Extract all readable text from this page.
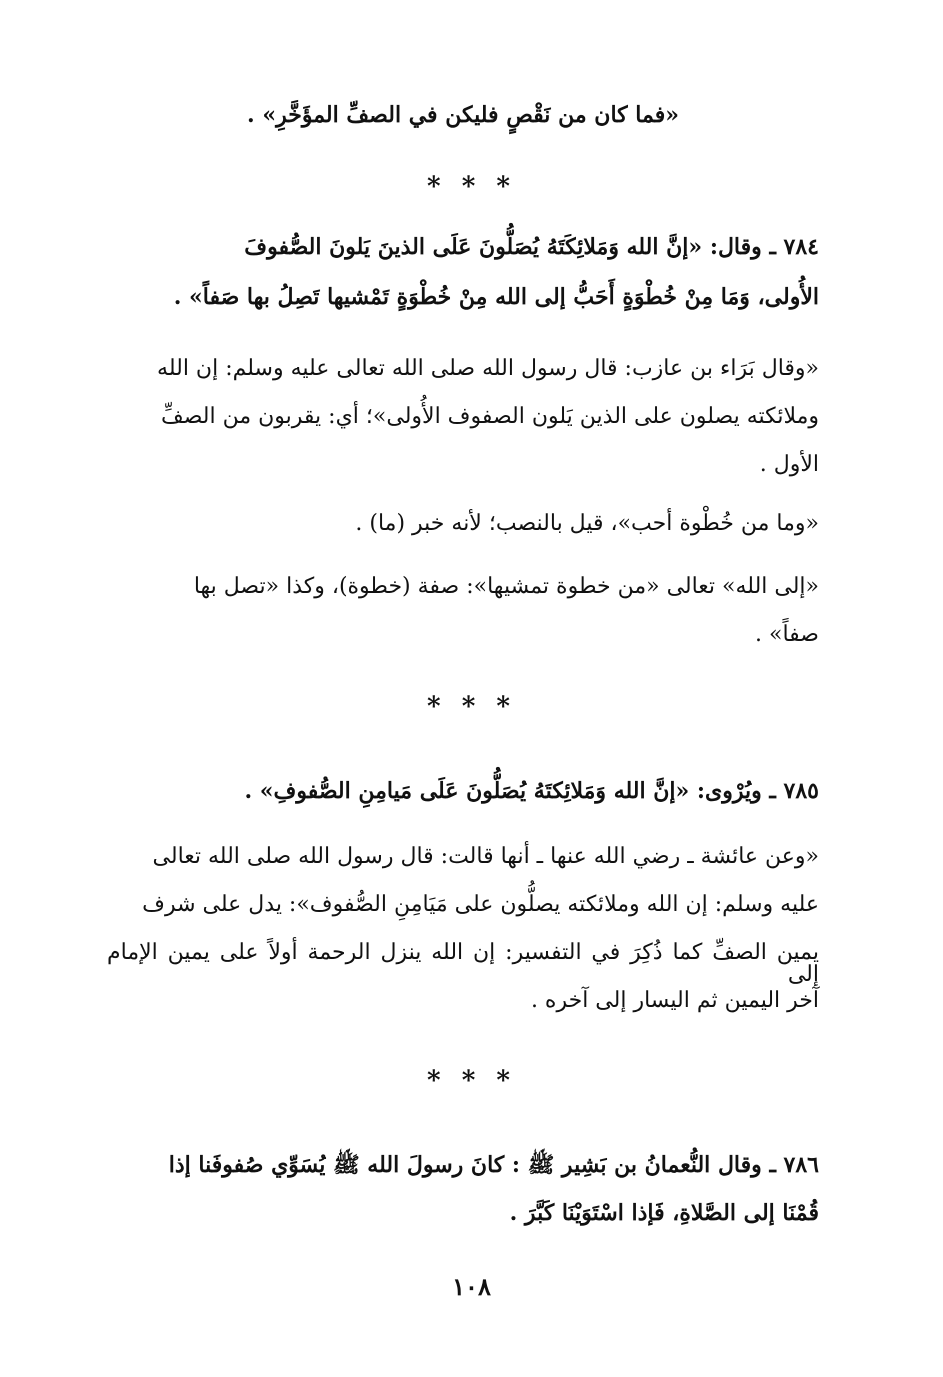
«فما كان من نَقْصٍ فليكن في الصفِّ المؤَخَّرِ» .
* * *
٧٨٤ ـ وقال: «إنَّ الله وَمَلائِكَتَهُ يُصَلُّونَ عَلَى الذينَ يَلونَ الصُّفوفَ
الأُولى، وَمَا مِنْ خُطْوَةٍ أَحَبُّ إلى الله مِنْ خُطْوَةٍ تَمْشيها تَصِلُ بها صَفاً» .
«وقال بَرَاء بن عازب: قال رسول الله صلى الله تعالى عليه وسلم: إن الله
وملائكته يصلون على الذين يَلون الصفوف الأُولى»؛ أي: يقربون من الصفِّ
الأول .
«وما من خُطْوة أحب»، قيل بالنصب؛ لأنه خبر (ما) .
«إلى الله» تعالى «من خطوة تمشيها»: صفة (خطوة)، وكذا «تصل بها
صفاً» .
* * *
٧٨٥ ـ ويُرْوى: «إنَّ الله وَمَلائِكتَهُ يُصَلُّونَ عَلَى مَيامِنِ الصُّفوفِ» .
«وعن عائشة ـ رضي الله عنها ـ أنها قالت: قال رسول الله صلى الله تعالى
عليه وسلم: إن الله وملائكته يصلُّون على مَيَامِنِ الصُّفوف»: يدل على شرف
يمين الصفِّ كما ذُكِرَ في التفسير: إن الله ينزل الرحمة أولاً على يمين الإمام إلى
آخر اليمين ثم اليسار إلى آخره .
* * *
٧٨٦ ـ وقال النُّعمانُ بن بَشِير ﷺ : كانَ رسولَ الله ﷺ يُسَوِّي صُفوفَنا إذا
قُمْنَا إلى الصَّلاةِ، فَإذا اسْتَوَيْنَا كَبَّرَ .
١٠٨
